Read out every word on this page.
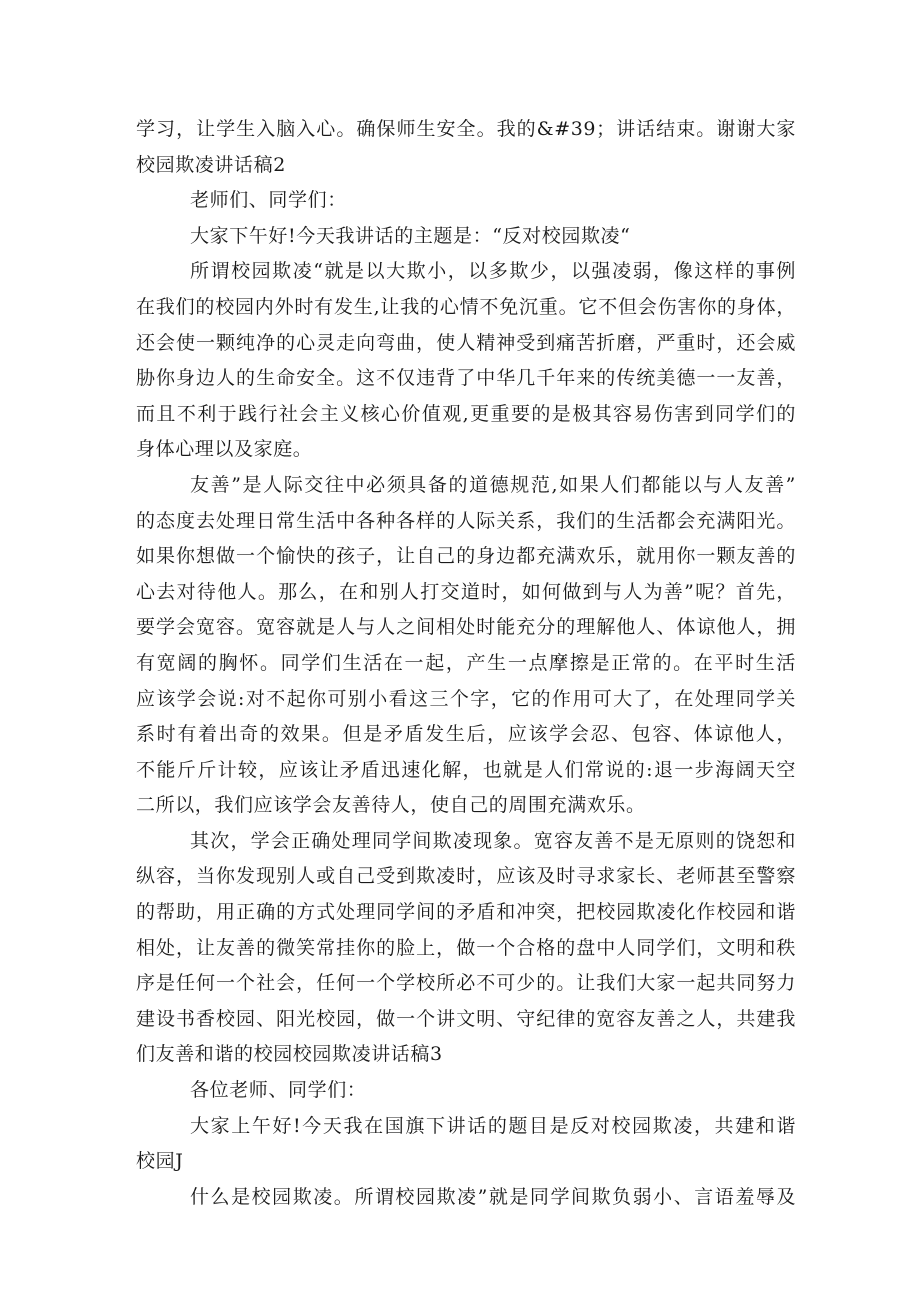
学习，让学生入脑入心。确保师生安全。我的&#39；讲话结束。谢谢大家
校园欺凌讲话稿2
老师们、同学们：
大家下午好!今天我讲话的主题是：“反对校园欺凌“
所谓校园欺凌“就是以大欺小，以多欺少，以强凌弱，像这样的事例
在我们的校园内外时有发生,让我的心情不免沉重。它不但会伤害你的身体，
还会使一颗纯净的心灵走向弯曲，使人精神受到痛苦折磨，严重时，还会威
胁你身边人的生命安全。这不仅违背了中华几千年来的传统美德一一友善，
而且不利于践行社会主义核心价值观,更重要的是极其容易伤害到同学们的
身体心理以及家庭。
友善”是人际交往中必须具备的道德规范,如果人们都能以与人友善”
的态度去处理日常生活中各种各样的人际关系，我们的生活都会充满阳光。
如果你想做一个愉快的孩子，让自己的身边都充满欢乐，就用你一颗友善的
心去对待他人。那么，在和别人打交道时，如何做到与人为善”呢？首先，
要学会宽容。宽容就是人与人之间相处时能充分的理解他人、体谅他人，拥
有宽阔的胸怀。同学们生活在一起，产生一点摩擦是正常的。在平时生活
应该学会说:对不起你可别小看这三个字，它的作用可大了，在处理同学关
系时有着出奇的效果。但是矛盾发生后，应该学会忍、包容、体谅他人，
不能斤斤计较，应该让矛盾迅速化解，也就是人们常说的:退一步海阔天空
二所以，我们应该学会友善待人，使自己的周围充满欢乐。
其次，学会正确处理同学间欺凌现象。宽容友善不是无原则的饶恕和
纵容，当你发现别人或自己受到欺凌时，应该及时寻求家长、老师甚至警察
的帮助，用正确的方式处理同学间的矛盾和冲突，把校园欺凌化作校园和谐
相处，让友善的微笑常挂你的脸上，做一个合格的盘中人同学们，文明和秩
序是任何一个社会，任何一个学校所必不可少的。让我们大家一起共同努力
建设书香校园、阳光校园，做一个讲文明、守纪律的宽容友善之人，共建我
们友善和谐的校园校园欺凌讲话稿3
各位老师、同学们：
大家上午好!今天我在国旗下讲话的题目是反对校园欺凌，共建和谐
校园J
什么是校园欺凌。所谓校园欺凌”就是同学间欺负弱小、言语羞辱及
